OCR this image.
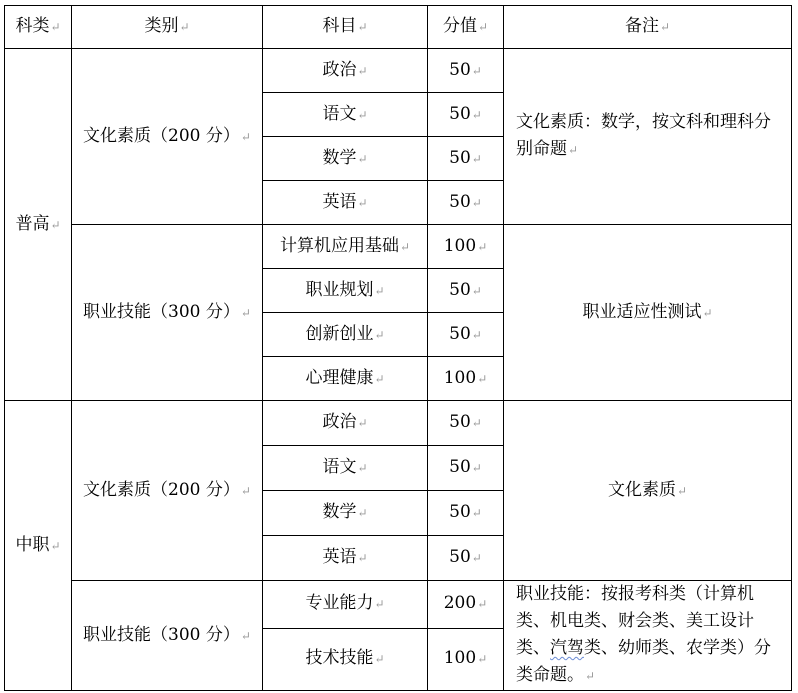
科类↵	类别↵	科目↵	分值↵	备注↵
普高↵	文化素质（200 分）↵	政治↵	50↵	文化素质：数学，按文科和理科分别命题↵
		语文↵	50↵	
		数学↵	50↵	
		英语↵	50↵	
	职业技能（300 分）↵	计算机应用基础↵	100↵	职业适应性测试↵
		职业规划↵	50↵	
		创新创业↵	50↵	
		心理健康↵	100↵	
中职↵	文化素质（200 分）↵	政治↵	50↵	文化素质↵
		语文↵	50↵	
		数学↵	50↵	
		英语↵	50↵	
	职业技能（300 分）↵	专业能力↵	200↵	职业技能：按报考科类（计算机类、机电类、财会类、美工设计类、汽驾类、幼师类、农学类）分类命题。↵
		技术技能↵	100↵	
